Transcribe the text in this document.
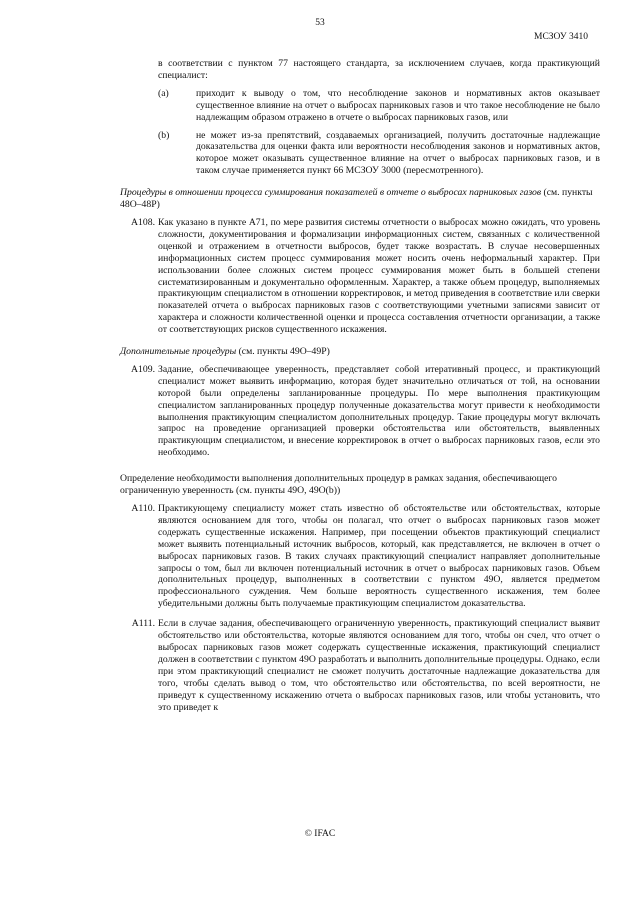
53
МСЗОУ 3410

в соответствии с пунктом 77 настоящего стандарта, за исключением случаев, когда практикующий специалист:

(a)	приходит к выводу о том, что несоблюдение законов и нормативных актов оказывает существенное влияние на отчет о выбросах парниковых газов и что такое несоблюдение не было надлежащим образом отражено в отчете о выбросах парниковых газов, или
(b)	не может из-за препятствий, создаваемых организацией, получить достаточные надлежащие доказательства для оценки факта или вероятности несоблюдения законов и нормативных актов, которое может оказывать существенное влияние на отчет о выбросах парниковых газов, и в таком случае применяется пункт 66 МСЗОУ 3000 (пересмотренного).
Процедуры в отношении процесса суммирования показателей в отчете о выбросах парниковых газов (см. пункты 48O–48P)
A108. Как указано в пункте A71, по мере развития системы отчетности о выбросах можно ожидать, что уровень сложности, документирования и формализации информационных систем, связанных с количественной оценкой и отражением в отчетности выбросов, будет также возрастать. В случае несовершенных информационных систем процесс суммирования может носить очень неформальный характер. При использовании более сложных систем процесс суммирования может быть в большей степени систематизированным и документально оформленным. Характер, а также объем процедур, выполняемых практикующим специалистом в отношении корректировок, и метод приведения в соответствие или сверки показателей отчета о выбросах парниковых газов с соответствующими учетными записями зависит от характера и сложности количественной оценки и процесса составления отчетности организации, а также от соответствующих рисков существенного искажения.
Дополнительные процедуры (см. пункты 49O–49P)
A109. Задание, обеспечивающее уверенность, представляет собой итеративный процесс, и практикующий специалист может выявить информацию, которая будет значительно отличаться от той, на основании которой были определены запланированные процедуры. По мере выполнения практикующим специалистом запланированных процедур полученные доказательства могут привести к необходимости выполнения практикующим специалистом дополнительных процедур. Такие процедуры могут включать запрос на проведение организацией проверки обстоятельства или обстоятельств, выявленных практикующим специалистом, и внесение корректировок в отчет о выбросах парниковых газов, если это необходимо.
Определение необходимости выполнения дополнительных процедур в рамках задания, обеспечивающего ограниченную уверенность (см. пункты 49O, 49O(b))
A110. Практикующему специалисту может стать известно об обстоятельстве или обстоятельствах, которые являются основанием для того, чтобы он полагал, что отчет о выбросах парниковых газов может содержать существенные искажения. Например, при посещении объектов практикующий специалист может выявить потенциальный источник выбросов, который, как представляется, не включен в отчет о выбросах парниковых газов. В таких случаях практикующий специалист направляет дополнительные запросы о том, был ли включен потенциальный источник в отчет о выбросах парниковых газов. Объем дополнительных процедур, выполненных в соответствии с пунктом 49O, является предметом профессионального суждения. Чем больше вероятность существенного искажения, тем более убедительными должны быть получаемые практикующим специалистом доказательства.
A111. Если в случае задания, обеспечивающего ограниченную уверенность, практикующий специалист выявит обстоятельство или обстоятельства, которые являются основанием для того, чтобы он счел, что отчет о выбросах парниковых газов может содержать существенные искажения, практикующий специалист должен в соответствии с пунктом 49O разработать и выполнить дополнительные процедуры. Однако, если при этом практикующий специалист не сможет получить достаточные надлежащие доказательства для того, чтобы сделать вывод о том, что обстоятельство или обстоятельства, по всей вероятности, не приведут к существенному искажению отчета о выбросах парниковых газов, или чтобы установить, что это приведет к
© IFAC
